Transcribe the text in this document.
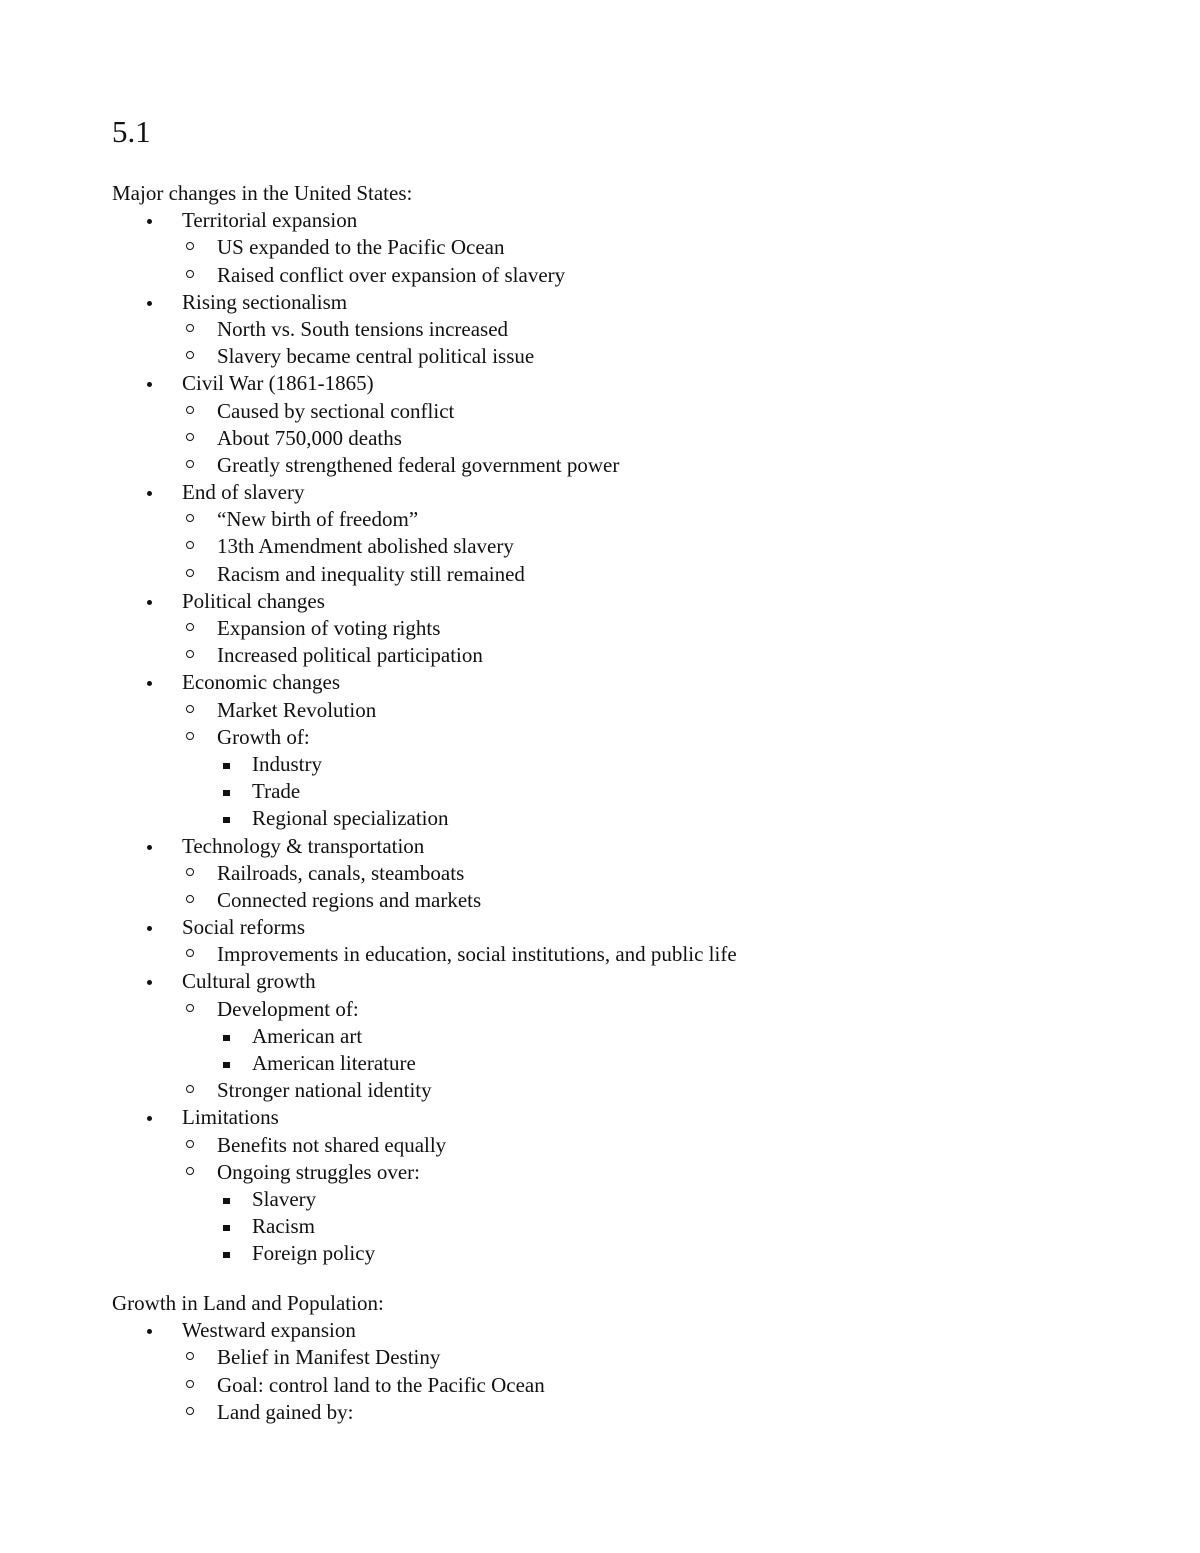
5.1
Major changes in the United States:
Territorial expansion
US expanded to the Pacific Ocean
Raised conflict over expansion of slavery
Rising sectionalism
North vs. South tensions increased
Slavery became central political issue
Civil War (1861-1865)
Caused by sectional conflict
About 750,000 deaths
Greatly strengthened federal government power
End of slavery
“New birth of freedom”
13th Amendment abolished slavery
Racism and inequality still remained
Political changes
Expansion of voting rights
Increased political participation
Economic changes
Market Revolution
Growth of:
Industry
Trade
Regional specialization
Technology & transportation
Railroads, canals, steamboats
Connected regions and markets
Social reforms
Improvements in education, social institutions, and public life
Cultural growth
Development of:
American art
American literature
Stronger national identity
Limitations
Benefits not shared equally
Ongoing struggles over:
Slavery
Racism
Foreign policy
Growth in Land and Population:
Westward expansion
Belief in Manifest Destiny
Goal: control land to the Pacific Ocean
Land gained by:
